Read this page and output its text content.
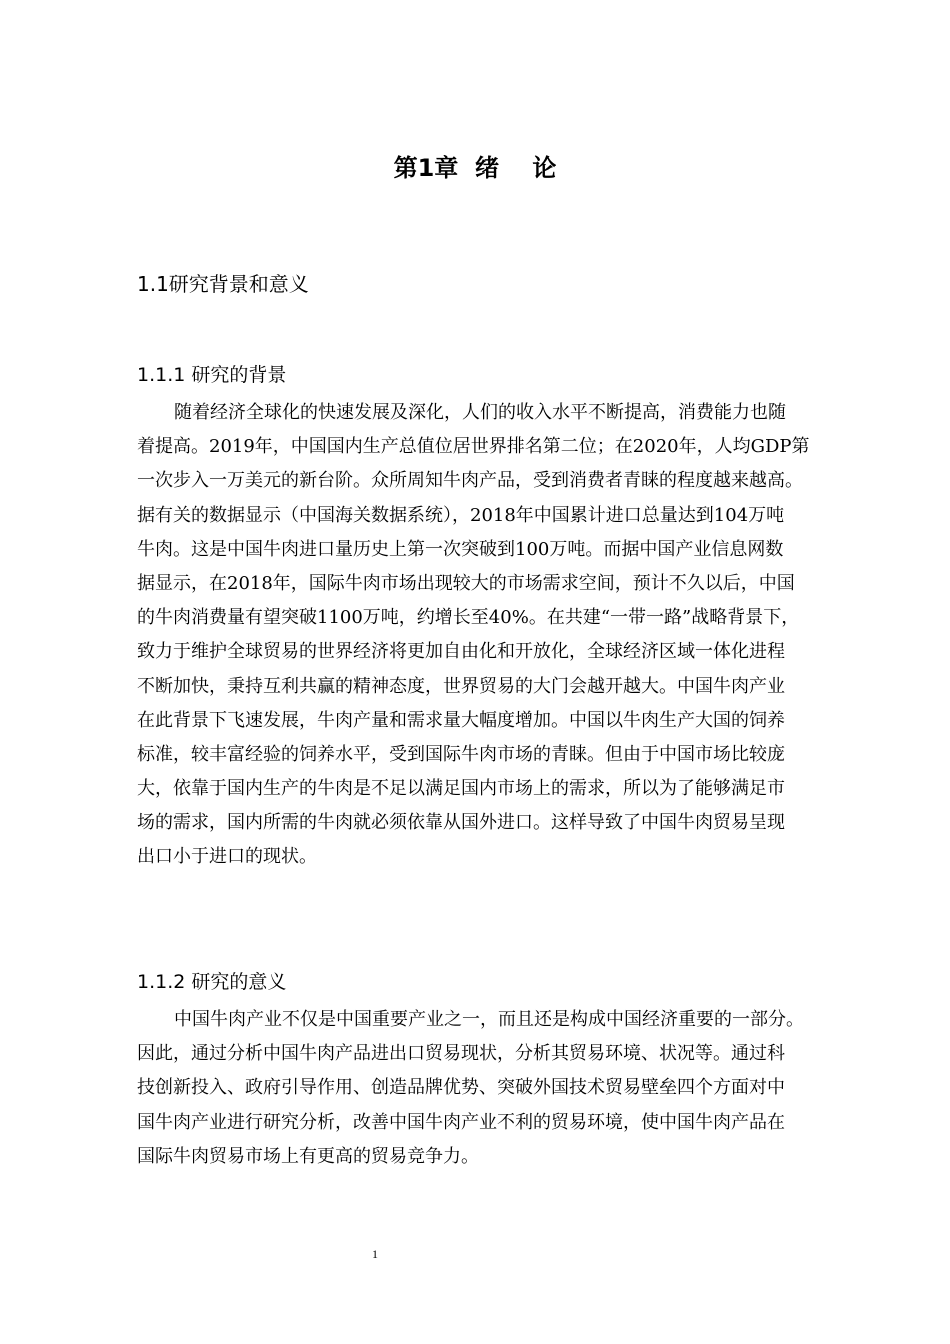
第1章  绪    论
1.1研究背景和意义
1.1.1 研究的背景
随着经济全球化的快速发展及深化，人们的收入水平不断提高，消费能力也随
着提高。2019年，中国国内生产总值位居世界排名第二位；在2020年，人均GDP第
一次步入一万美元的新台阶。众所周知牛肉产品，受到消费者青睐的程度越来越高。
据有关的数据显示（中国海关数据系统），2018年中国累计进口总量达到104万吨
牛肉。这是中国牛肉进口量历史上第一次突破到100万吨。而据中国产业信息网数
据显示，在2018年，国际牛肉市场出现较大的市场需求空间，预计不久以后，中国
的牛肉消费量有望突破1100万吨，约增长至40%。在共建“一带一路”战略背景下，
致力于维护全球贸易的世界经济将更加自由化和开放化，全球经济区域一体化进程
不断加快，秉持互利共赢的精神态度，世界贸易的大门会越开越大。中国牛肉产业
在此背景下飞速发展，牛肉产量和需求量大幅度增加。中国以牛肉生产大国的饲养
标准，较丰富经验的饲养水平，受到国际牛肉市场的青睐。但由于中国市场比较庞
大，依靠于国内生产的牛肉是不足以满足国内市场上的需求，所以为了能够满足市
场的需求，国内所需的牛肉就必须依靠从国外进口。这样导致了中国牛肉贸易呈现
出口小于进口的现状。
1.1.2 研究的意义
中国牛肉产业不仅是中国重要产业之一，而且还是构成中国经济重要的一部分。
因此，通过分析中国牛肉产品进出口贸易现状，分析其贸易环境、状况等。通过科
技创新投入、政府引导作用、创造品牌优势、突破外国技术贸易壁垒四个方面对中
国牛肉产业进行研究分析，改善中国牛肉产业不利的贸易环境，使中国牛肉产品在
国际牛肉贸易市场上有更高的贸易竞争力。
1
